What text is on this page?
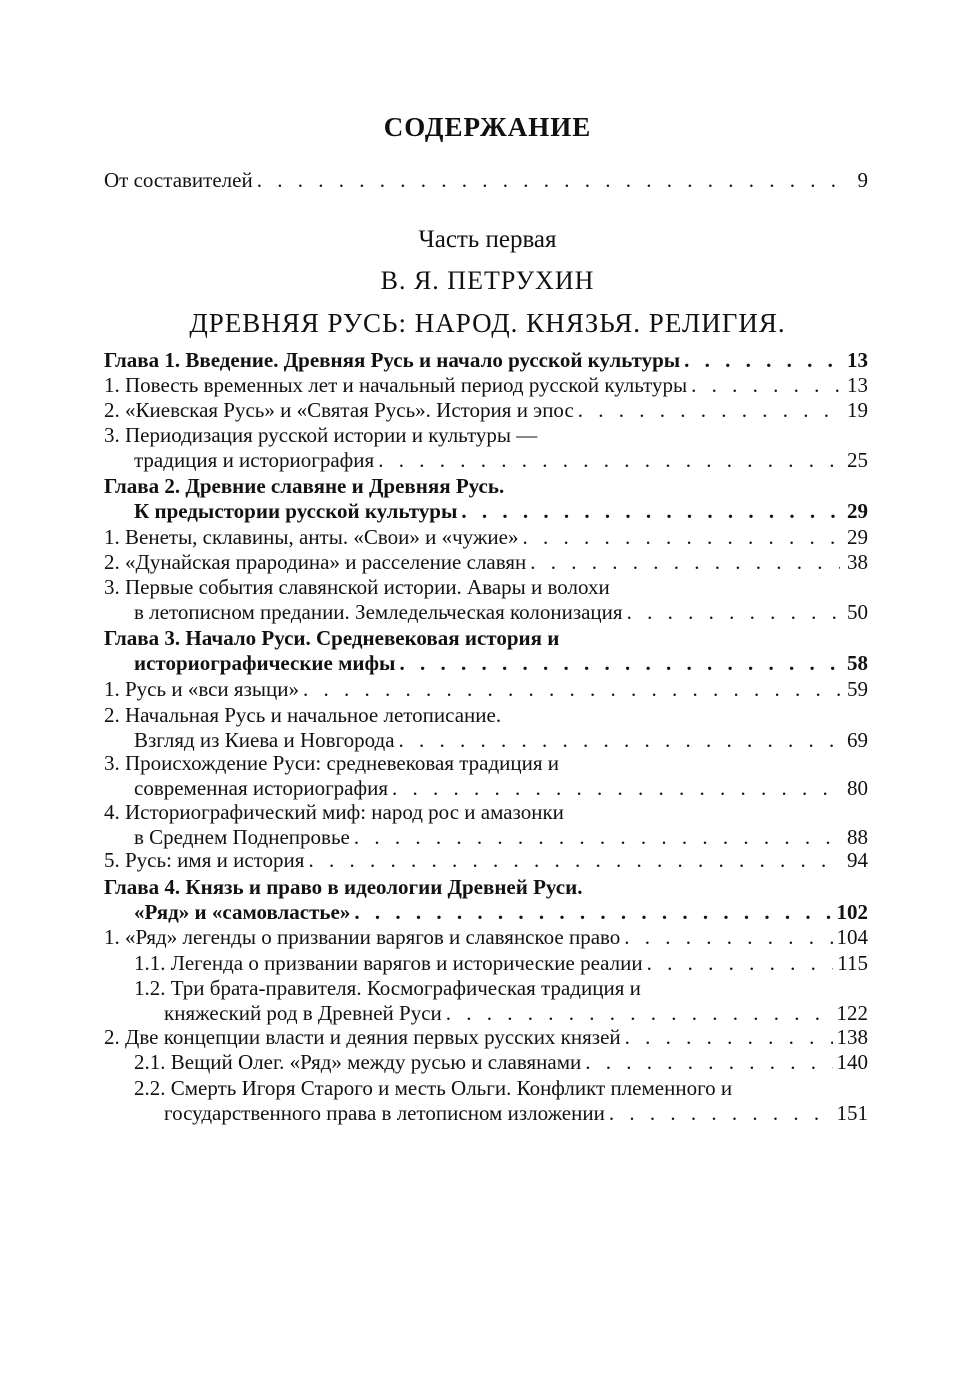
СОДЕРЖАНИЕ
От составителей . . .	9
Часть первая
В. Я. ПЕТРУХИН
ДРЕВНЯЯ РУСЬ: НАРОД. КНЯЗЬЯ. РЕЛИГИЯ.
Глава 1. Введение. Древняя Русь и начало русской культуры . . .	13
1. Повесть временных лет и начальный период русской культуры . . .	13
2. «Киевская Русь» и «Святая Русь». История и эпос . . .	19
3. Периодизация русской истории и культуры —
традиция и историография . . .	25
Глава 2. Древние славяне и Древняя Русь.
К предыстории русской культуры . . .	29
1. Венеты, склавины, анты. «Свои» и «чужие» . . .	29
2. «Дунайская прародина» и расселение славян . . .	38
3. Первые события славянской истории. Авары и волохи
в летописном предании. Земледельческая колонизация . . .	50
Глава 3. Начало Руси. Средневековая история и
историографические мифы . . .	58
1. Русь и «вси языци» . . .	59
2. Начальная Русь и начальное летописание.
Взгляд из Киева и Новгорода . . .	69
3. Происхождение Руси: средневековая традиция и
современная историография . . .	80
4. Историографический миф: народ рос и амазонки
в Среднем Поднепровье . . .	88
5. Русь: имя и история . . .	94
Глава 4. Князь и право в идеологии Древней Руси.
«Ряд» и «самовластье» . . .	102
1. «Ряд» легенды о призвании варягов и славянское право . . .	104
1.1. Легенда о призвании варягов и исторические реалии . . .	115
1.2. Три брата-правителя. Космографическая традиция и
княжеский род в Древней Руси . . .	122
2. Две концепции власти и деяния первых русских князей . . .	138
2.1. Вещий Олег. «Ряд» между русью и славянами . . .	140
2.2. Смерть Игоря Старого и месть Ольги. Конфликт племенного и
государственного права в летописном изложении . . .	151
